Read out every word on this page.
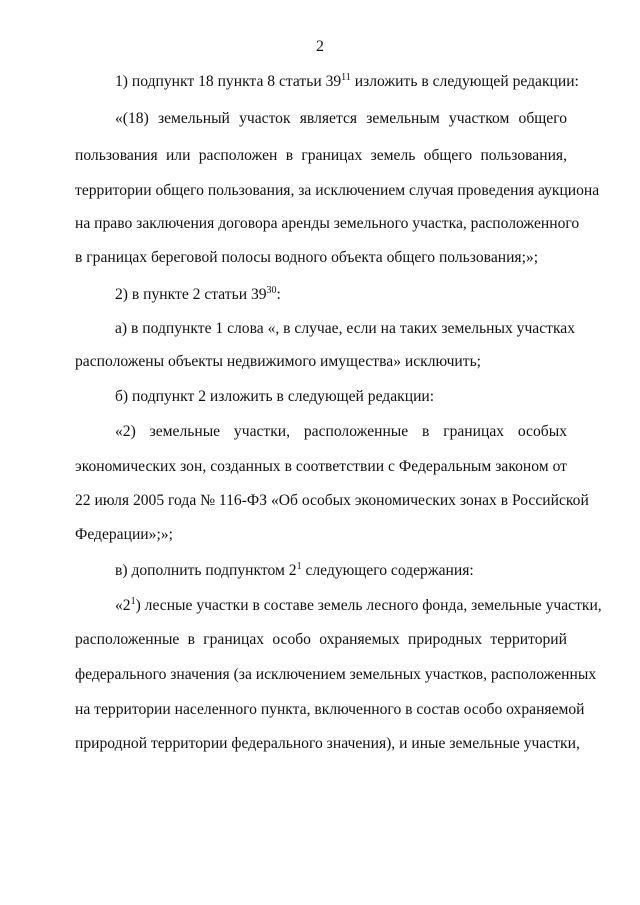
2
1) подпункт 18 пункта 8 статьи $39^{11}$ изложить в следующей редакции:
«(18) земельный участок является земельным участком общего
пользования или расположен в границах земель общего пользования,
территории общего пользования, за исключением случая проведения аукциона
на право заключения договора аренды земельного участка, расположенного
в границах береговой полосы водного объекта общего пользования;»;
2) в пункте 2 статьи $39^{30}$:
а) в подпункте 1 слова «, в случае, если на таких земельных участках
расположены объекты недвижимого имущества» исключить;
б) подпункт 2 изложить в следующей редакции:
«2) земельные участки, расположенные в границах особых
экономических зон, созданных в соответствии с Федеральным законом от
22 июля 2005 года № 116-ФЗ «Об особых экономических зонах в Российской
Федерации»;»;
в) дополнить подпунктом $2^1$ следующего содержания:
«$2^1$) лесные участки в составе земель лесного фонда, земельные участки,
расположенные в границах особо охраняемых природных территорий
федерального значения (за исключением земельных участков, расположенных
на территории населенного пункта, включенного в состав особо охраняемой
природной территории федерального значения), и иные земельные участки,
